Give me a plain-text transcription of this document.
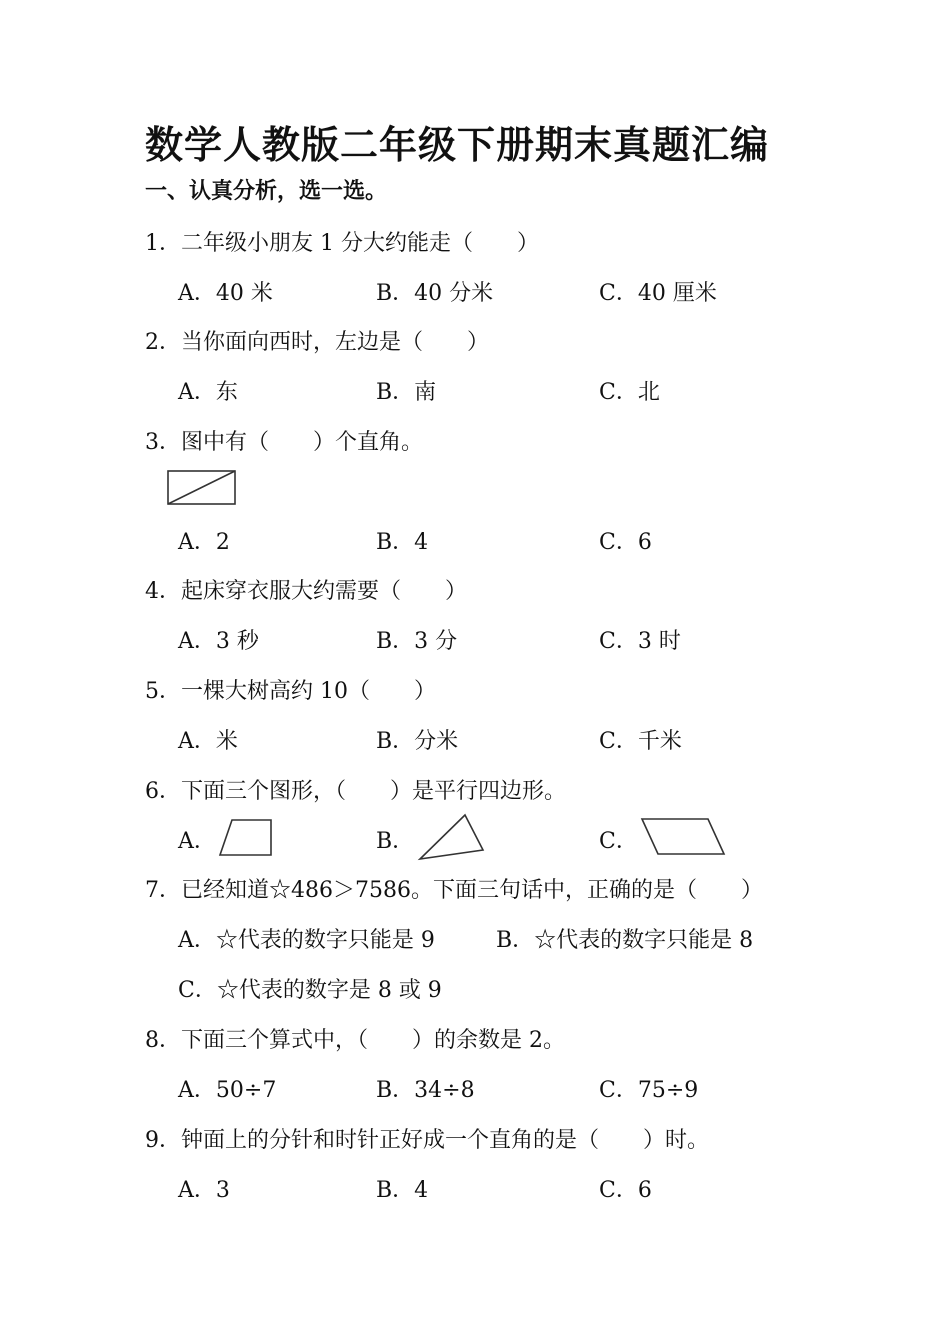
数学人教版二年级下册期末真题汇编
一、认真分析，选一选。
1．二年级小朋友 1 分大约能走（　　）
A．40 米	B．40 分米	C．40 厘米
2．当你面向西时，左边是（　　）
A．东	B．南	C．北
3．图中有（　　）个直角。
A．2	B．4	C．6
4．起床穿衣服大约需要（　　）
A．3 秒	B．3 分	C．3 时
5．一棵大树高约 10（　　）
A．米	B．分米	C．千米
6．下面三个图形，（　　）是平行四边形。
A．	B．	C．
7．已经知道☆486＞7586。下面三句话中，正确的是（　　）
A．☆代表的数字只能是 9	B．☆代表的数字只能是 8
C．☆代表的数字是 8 或 9
8．下面三个算式中，（　　）的余数是 2。
A．50÷7	B．34÷8	C．75÷9
9．钟面上的分针和时针正好成一个直角的是（　　）时。
A．3	B．4	C．6
